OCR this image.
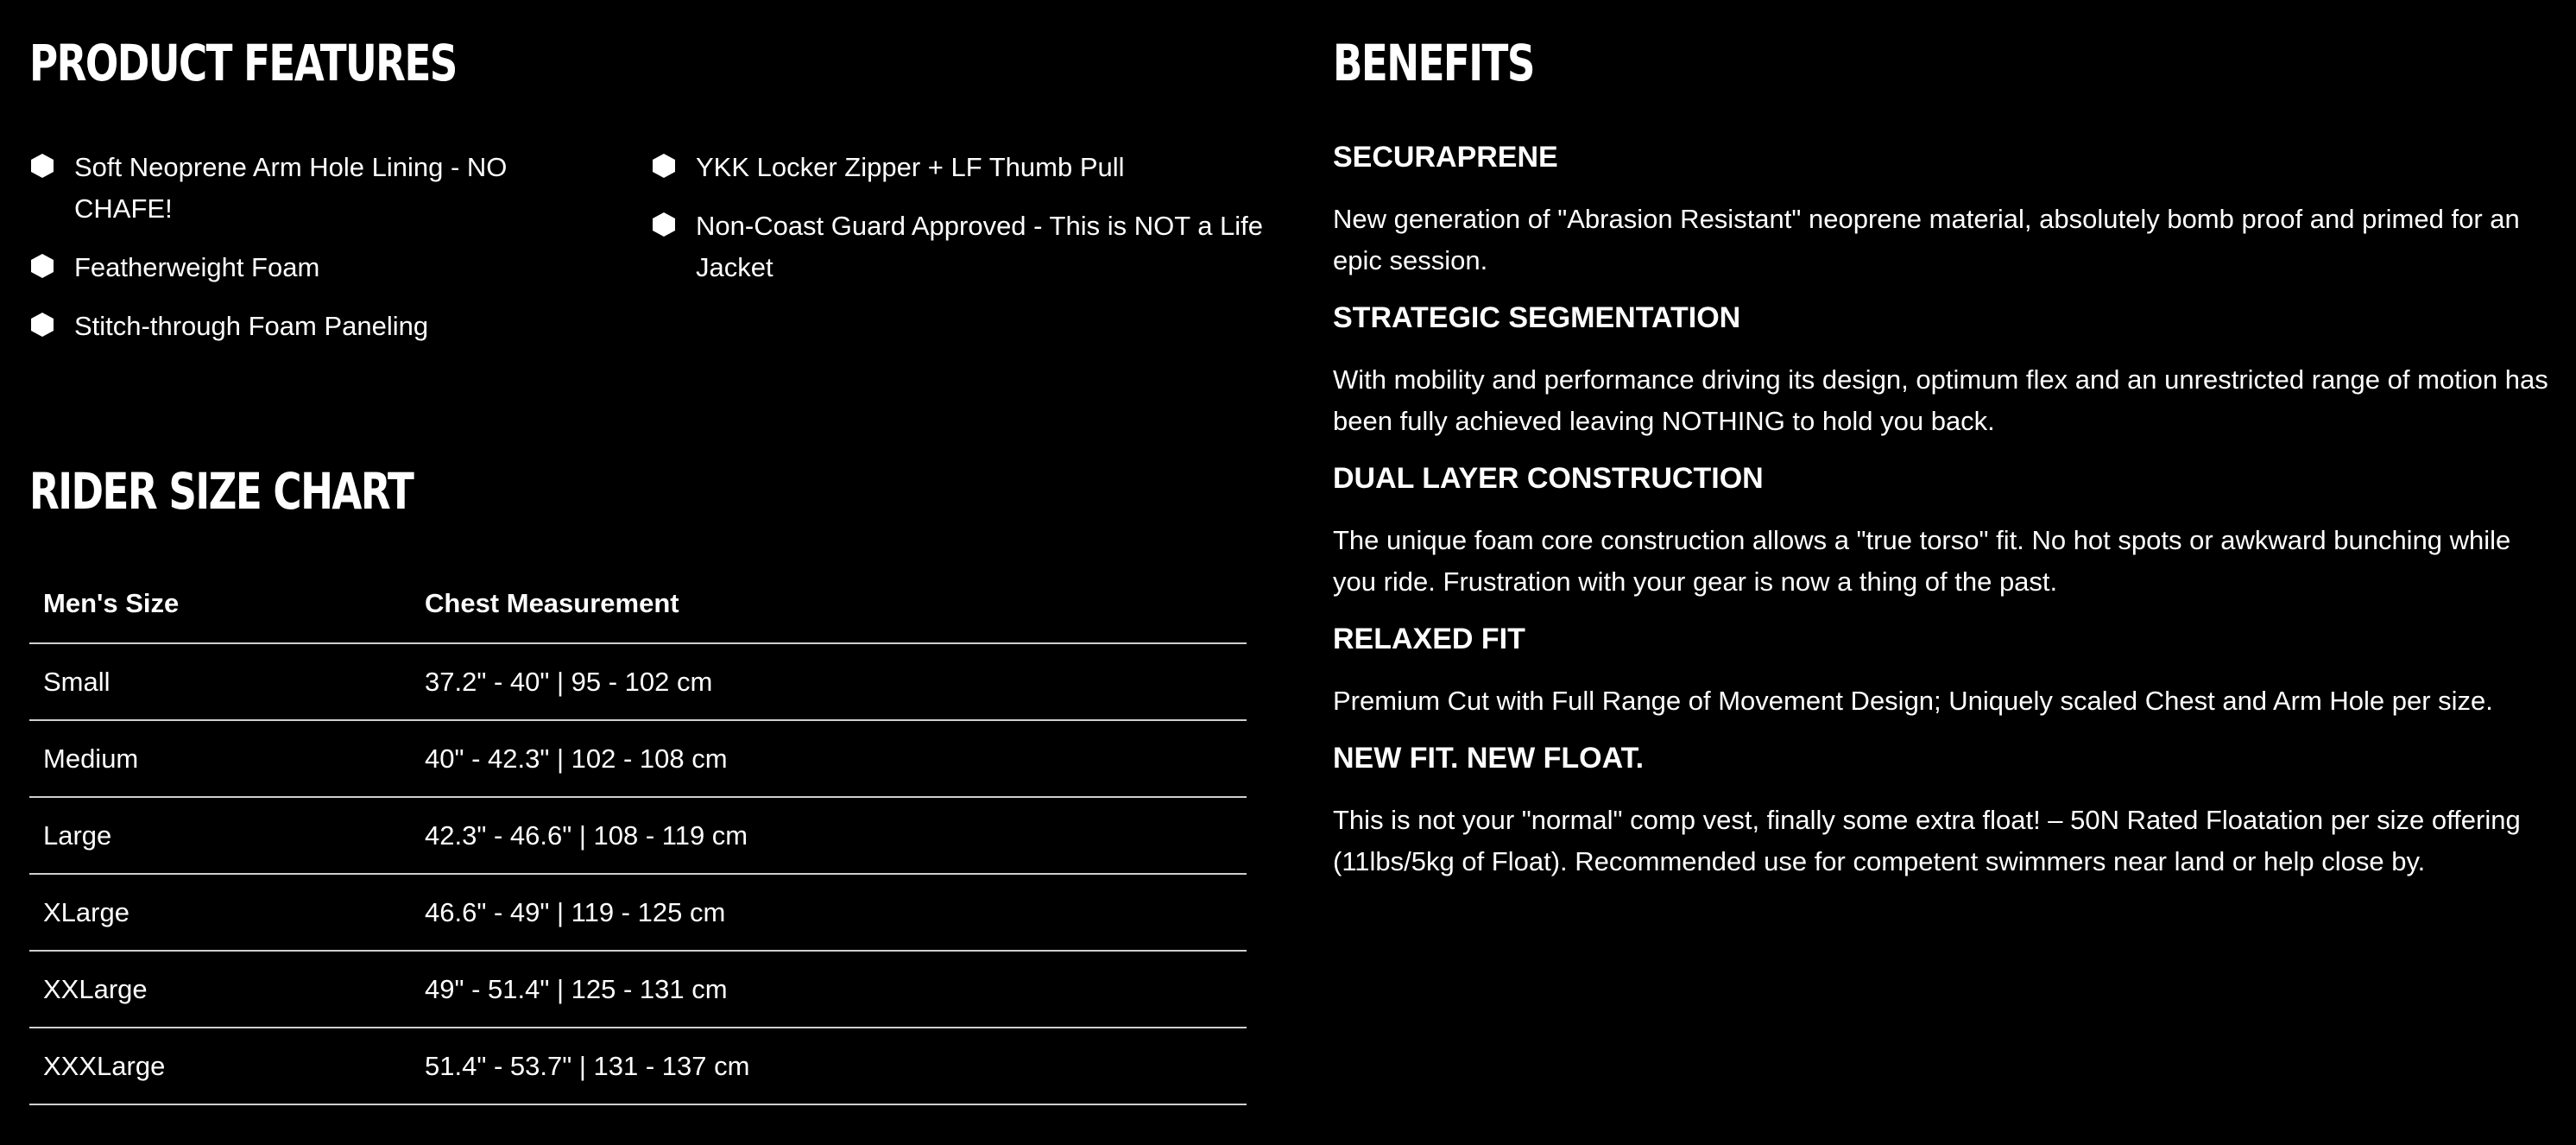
PRODUCT FEATURES
Soft Neoprene Arm Hole Lining - NO CHAFE!
Featherweight Foam
Stitch-through Foam Paneling
YKK Locker Zipper + LF Thumb Pull
Non-Coast Guard Approved - This is NOT a Life Jacket
RIDER SIZE CHART
Men's Size	Chest Measurement
Small	37.2" - 40" | 95 - 102 cm
Medium	40" - 42.3" | 102 - 108 cm
Large	42.3" - 46.6" | 108 - 119 cm
XLarge	46.6" - 49" | 119 - 125 cm
XXLarge	49" - 51.4" | 125 - 131 cm
XXXLarge	51.4" - 53.7" | 131 - 137 cm
BENEFITS
SECURAPRENE

New generation of "Abrasion Resistant" neoprene material, absolutely bomb proof and primed for an epic session.

STRATEGIC SEGMENTATION

With mobility and performance driving its design, optimum flex and an unrestricted range of motion has been fully achieved leaving NOTHING to hold you back.

DUAL LAYER CONSTRUCTION

The unique foam core construction allows a "true torso" fit. No hot spots or awkward bunching while you ride. Frustration with your gear is now a thing of the past.

RELAXED FIT

Premium Cut with Full Range of Movement Design; Uniquely scaled Chest and Arm Hole per size.

NEW FIT. NEW FLOAT.

This is not your "normal" comp vest, finally some extra float! – 50N Rated Floatation per size offering (11lbs/5kg of Float). Recommended use for competent swimmers near land or help close by.
